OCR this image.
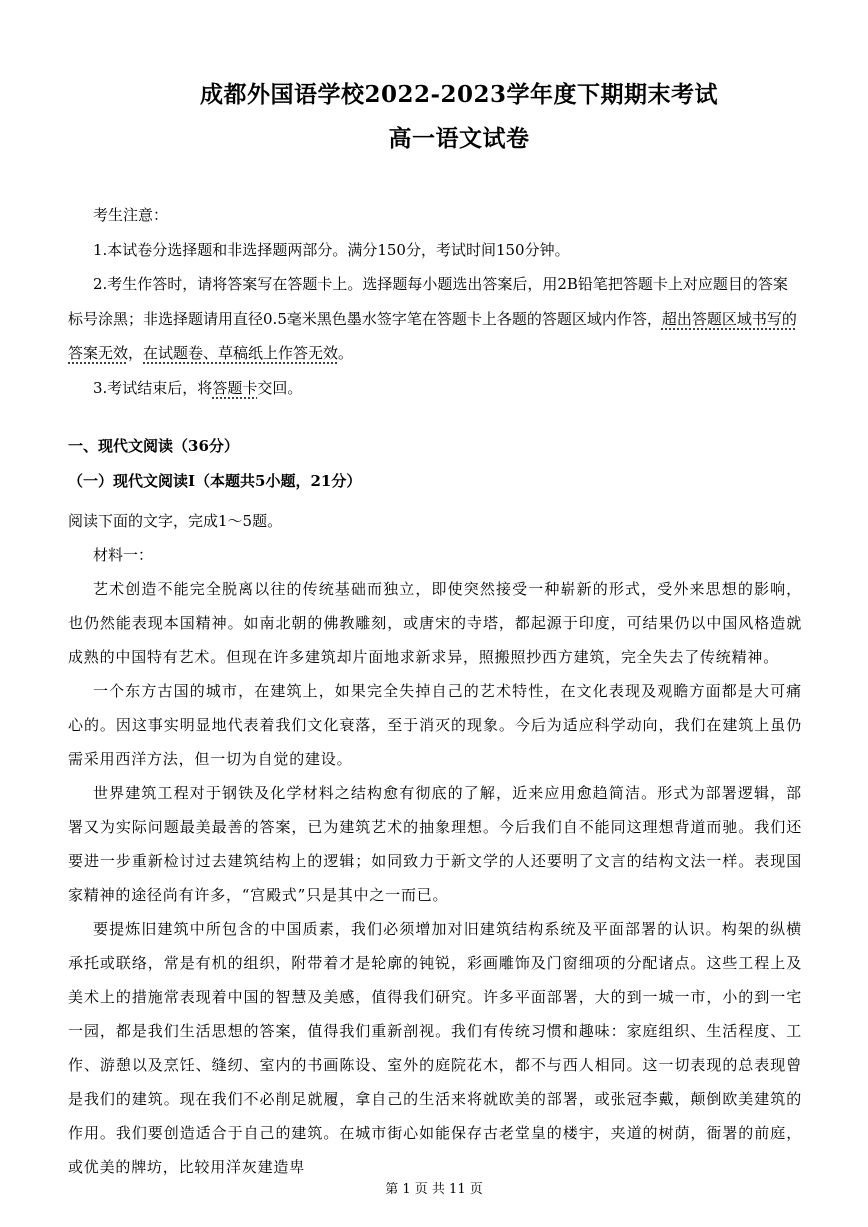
成都外国语学校2022-2023学年度下期期末考试
高一语文试卷

考生注意：

1.本试卷分选择题和非选择题两部分。满分150分，考试时间150分钟。

2.考生作答时，请将答案写在答题卡上。选择题每小题选出答案后，用2B铅笔把答题卡上对应题目的答案标号涂黑；非选择题请用直径0.5毫米黑色墨水签字笔在答题卡上各题的答题区域内作答，超出答题区域书写的答案无效，在试题卷、草稿纸上作答无效。

3.考试结束后，将答题卡交回。

一、现代文阅读（36分）
（一）现代文阅读Ⅰ（本题共5小题，21分）

阅读下面的文字，完成1～5题。

材料一：

艺术创造不能完全脱离以往的传统基础而独立，即使突然接受一种崭新的形式，受外来思想的影响，也仍然能表现本国精神。如南北朝的佛教雕刻，或唐宋的寺塔，都起源于印度，可结果仍以中国风格造就成熟的中国特有艺术。但现在许多建筑却片面地求新求异，照搬照抄西方建筑，完全失去了传统精神。

一个东方古国的城市，在建筑上，如果完全失掉自己的艺术特性，在文化表现及观瞻方面都是大可痛心的。因这事实明显地代表着我们文化衰落，至于消灭的现象。今后为适应科学动向，我们在建筑上虽仍需采用西洋方法，但一切为自觉的建设。

世界建筑工程对于钢铁及化学材料之结构愈有彻底的了解，近来应用愈趋简洁。形式为部署逻辑，部署又为实际问题最美最善的答案，已为建筑艺术的抽象理想。今后我们自不能同这理想背道而驰。我们还要进一步重新检讨过去建筑结构上的逻辑；如同致力于新文学的人还要明了文言的结构文法一样。表现国家精神的途径尚有许多，“宫殿式”只是其中之一而已。

要提炼旧建筑中所包含的中国质素，我们必须增加对旧建筑结构系统及平面部署的认识。构架的纵横承托或联络，常是有机的组织，附带着才是轮廓的钝锐，彩画雕饰及门窗细项的分配诸点。这些工程上及美术上的措施常表现着中国的智慧及美感，值得我们研究。许多平面部署，大的到一城一市，小的到一宅一园，都是我们生活思想的答案，值得我们重新剖视。我们有传统习惯和趣味：家庭组织、生活程度、工作、游憩以及烹饪、缝纫、室内的书画陈设、室外的庭院花木，都不与西人相同。这一切表现的总表现曾是我们的建筑。现在我们不必削足就履，拿自己的生活来将就欧美的部署，或张冠李戴，颠倒欧美建筑的作用。我们要创造适合于自己的建筑。在城市街心如能保存古老堂皇的楼宇，夹道的树荫，衙署的前庭，或优美的牌坊，比较用洋灰建造卑

第 1 页 共 11 页
